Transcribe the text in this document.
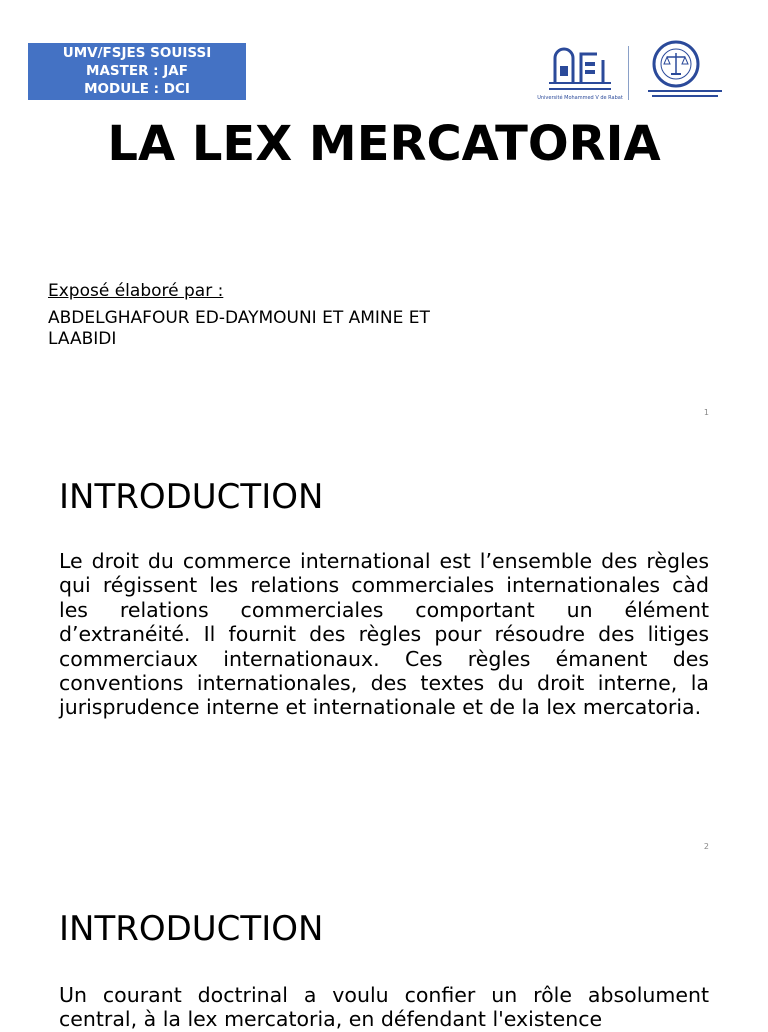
UMV/FSJES SOUISSI
MASTER : JAF
MODULE : DCI
Université Mohammed V de Rabat
LA LEX MERCATORIA
Exposé élaboré par :
ABDELGHAFOUR ED-DAYMOUNI ET AMINE ET LAABIDI
1
INTRODUCTION
Le droit du commerce international est l’ensemble des règles qui régissent les relations commerciales internationales càd les relations commerciales comportant un élément d’extranéité. Il fournit des règles pour résoudre des litiges commerciaux internationaux. Ces règles émanent des conventions internationales, des textes du droit interne, la jurisprudence interne et internationale et de la lex mercatoria.
2
INTRODUCTION
Un courant doctrinal a voulu confier un rôle absolument central, à la lex mercatoria, en défendant l'existence
